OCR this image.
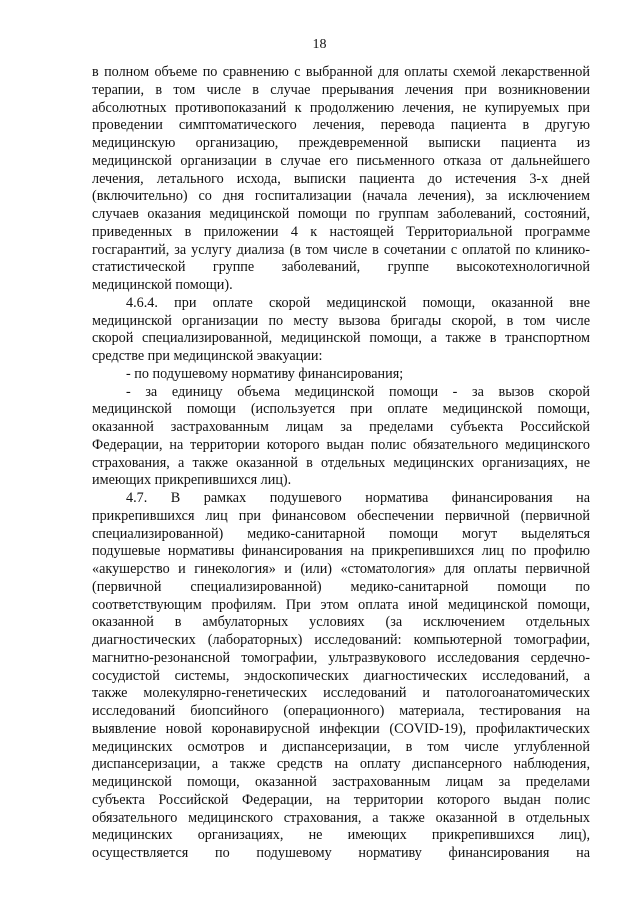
18
в полном объеме по сравнению с выбранной для оплаты схемой лекарственной
терапии, в том числе в случае прерывания лечения при возникновении
абсолютных противопоказаний к продолжению лечения, не купируемых при
проведении симптоматического лечения, перевода пациента в другую
медицинскую организацию, преждевременной выписки пациента из
медицинской организации в случае его письменного отказа от дальнейшего
лечения, летального исхода, выписки пациента до истечения 3-х дней
(включительно) со дня госпитализации (начала лечения), за исключением
случаев оказания медицинской помощи по группам заболеваний, состояний,
приведенных в приложении 4 к настоящей Территориальной программе
госгарантий, за услугу диализа (в том числе в сочетании с оплатой по клинико-
статистической группе заболеваний, группе высокотехнологичной
медицинской помощи).
4.6.4. при оплате скорой медицинской помощи, оказанной вне
медицинской организации по месту вызова бригады скорой, в том числе
скорой специализированной, медицинской помощи, а также в транспортном
средстве при медицинской эвакуации:
- по подушевому нормативу финансирования;
- за единицу объема медицинской помощи - за вызов скорой
медицинской помощи (используется при оплате медицинской помощи,
оказанной застрахованным лицам за пределами субъекта Российской
Федерации, на территории которого выдан полис обязательного медицинского
страхования, а также оказанной в отдельных медицинских организациях, не
имеющих прикрепившихся лиц).
4.7. В рамках подушевого норматива финансирования на
прикрепившихся лиц при финансовом обеспечении первичной (первичной
специализированной) медико-санитарной помощи могут выделяться
подушевые нормативы финансирования на прикрепившихся лиц по профилю
«акушерство и гинекология» и (или) «стоматология» для оплаты первичной
(первичной специализированной) медико-санитарной помощи по
соответствующим профилям. При этом оплата иной медицинской помощи,
оказанной в амбулаторных условиях (за исключением отдельных
диагностических (лабораторных) исследований: компьютерной томографии,
магнитно-резонансной томографии, ультразвукового исследования сердечно-
сосудистой системы, эндоскопических диагностических исследований, а
также молекулярно-генетических исследований и патологоанатомических
исследований биопсийного (операционного) материала, тестирования на
выявление новой коронавирусной инфекции (COVID-19), профилактических
медицинских осмотров и диспансеризации, в том числе углубленной
диспансеризации, а также средств на оплату диспансерного наблюдения,
медицинской помощи, оказанной застрахованным лицам за пределами
субъекта Российской Федерации, на территории которого выдан полис
обязательного медицинского страхования, а также оказанной в отдельных
медицинских организациях, не имеющих прикрепившихся лиц),
осуществляется по подушевому нормативу финансирования на
